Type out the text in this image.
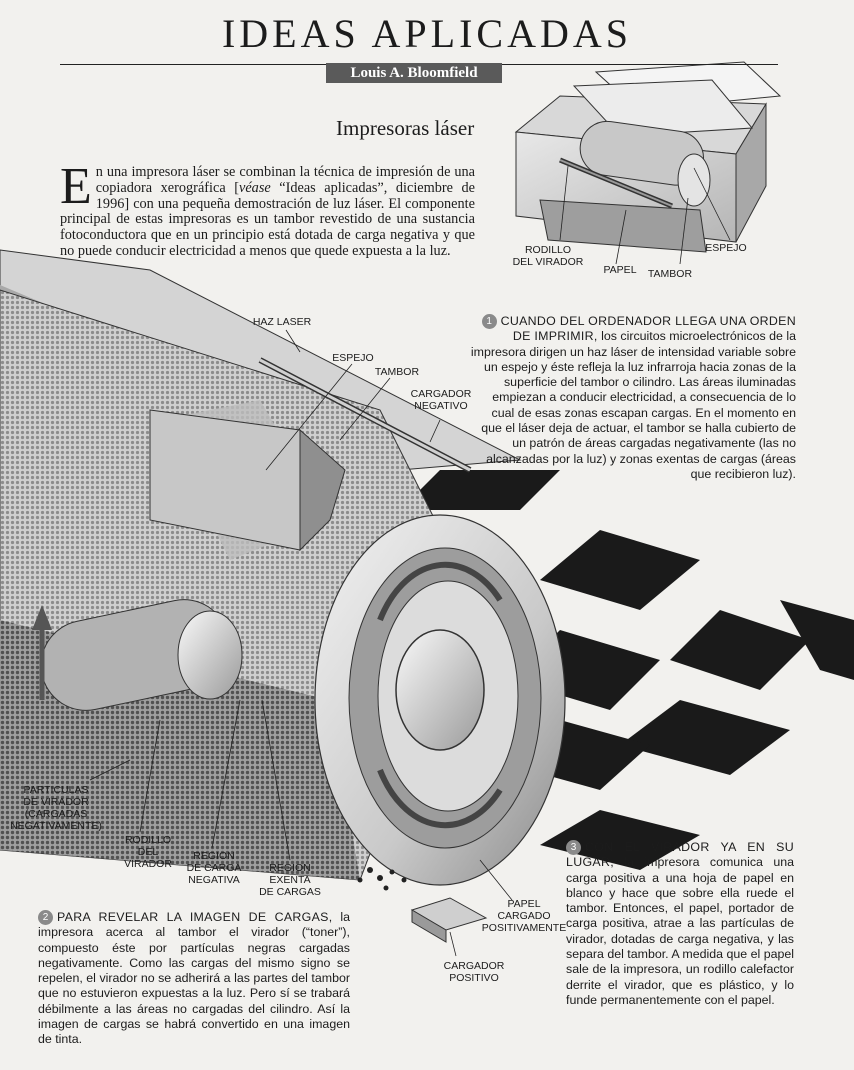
IDEAS APLICADAS
Louis A. Bloomfield
Impresoras láser
En una impresora láser se combinan la técnica de impresión de una copiadora xerográfica [véase “Ideas aplicadas”, diciembre de 1996] con una pequeña demostración de luz láser. El componente principal de estas impresoras es un tambor revestido de una sustancia fotoconductora que en un principio está dotada de carga negativa y que no puede conducir electricidad a menos que quede expuesta a la luz.	RODILLO
DEL VIRADOR
PAPEL	TAMBOR
ESPEJO
HAZ LASER
ESPEJO
TAMBOR
CARGADOR
NEGATIVO
PARTICULAS
DE VIRADOR
(CARGADAS
NEGATIVAMENTE)
RODILLO
DEL
VIRADOR
REGION
DE CARGA
NEGATIVA
REGION
EXENTA
DE CARGAS
PAPEL
CARGADO
POSITIVAMENTE
CARGADOR
POSITIVO
1 CUANDO DEL ORDENADOR LLEGA UNA ORDEN DE IMPRIMIR, los circuitos microelectrónicos de la impresora dirigen un haz láser de intensidad variable sobre un espejo y éste refleja la luz infrarroja hacia zonas de la superficie del tambor o cilindro. Las áreas iluminadas empiezan a conducir electricidad, a consecuencia de lo cual de esas zonas escapan cargas. En el momento en que el láser deja de actuar, el tambor se halla cubierto de un patrón de áreas cargadas negativamente (las no alcanzadas por la luz) y zonas exentas de cargas (áreas que recibieron luz).
2 PARA REVELAR LA IMAGEN DE CARGAS, la impresora acerca al tambor el virador (“toner”), compuesto éste por partículas negras cargadas negativamente. Como las cargas del mismo signo se repelen, el virador no se adherirá a las partes del tambor que no estuvieron expuestas a la luz. Pero sí se trabará débilmente a las áreas no cargadas del cilindro. Así la imagen de cargas se habrá convertido en una imagen de tinta.
3 CON EL VIRADOR YA EN SU LUGAR, la impresora comunica una carga positiva a una hoja de papel en blanco y hace que sobre ella ruede el tambor. Entonces, el papel, portador de carga positiva, atrae a las partículas de virador, dotadas de carga negativa, y las separa del tambor. A medida que el papel sale de la impresora, un rodillo calefactor derrite el virador, que es plástico, y lo funde permanentemente con el papel.
